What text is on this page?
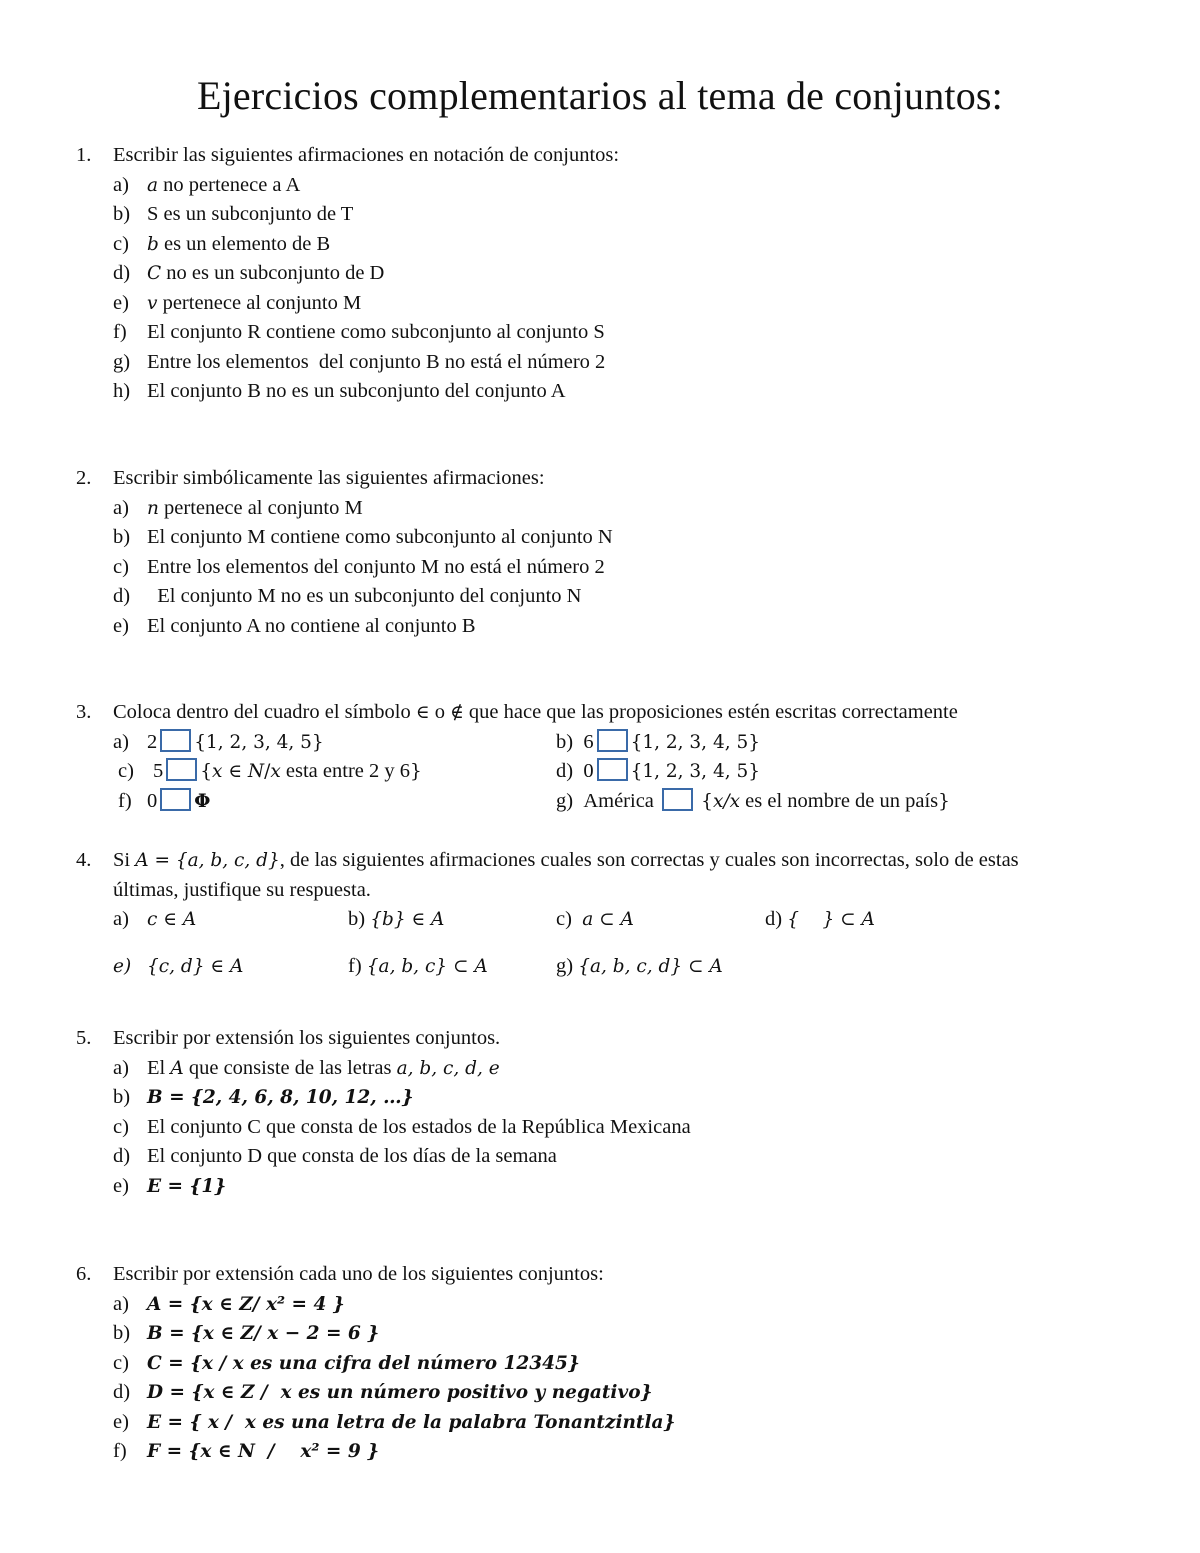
Ejercicios complementarios al tema de conjuntos:
1. Escribir las siguientes afirmaciones en notación de conjuntos:
a) a no pertenece a A
b) S es un subconjunto de T
c) b es un elemento de B
d) C no es un subconjunto de D
e) v pertenece al conjunto M
f) El conjunto R contiene como subconjunto al conjunto S
g) Entre los elementos  del conjunto B no está el número 2
h) El conjunto B no es un subconjunto del conjunto A
2. Escribir simbólicamente las siguientes afirmaciones:
a) n pertenece al conjunto M
b) El conjunto M contiene como subconjunto al conjunto N
c) Entre los elementos del conjunto M no está el número 2
d) El conjunto M no es un subconjunto del conjunto N
e) El conjunto A no contiene al conjunto B
3. Coloca dentro del cuadro el símbolo ∈ o ∉ que hace que las proposiciones estén escritas correctamente
a) 2 {1, 2, 3, 4, 5}	b) 6 {1, 2, 3, 4, 5}
c) 5 {x ∈ N/x esta entre 2 y 6}	d) 0 {1, 2, 3, 4, 5}
f) 0 Φ	g) América	{x/x es el nombre de un país}
4. Si A = {a, b, c, d}, de las siguientes afirmaciones cuales son correctas y cuales son incorrectas, solo de estas
últimas, justifique su respuesta.
a) c ∈ A	b) {b} ∈ A	c) a ⊂ A	d) {    } ⊂ A
e) {c, d} ∈ A	f) {a, b, c} ⊂ A	g) {a, b, c, d} ⊂ A
5. Escribir por extensión los siguientes conjuntos.
a) El A que consiste de las letras a, b, c, d, e
b) B = {2, 4, 6, 8, 10, 12, …}
c) El conjunto C que consta de los estados de la República Mexicana
d) El conjunto D que consta de los días de la semana
e) E = {1}
6. Escribir por extensión cada uno de los siguientes conjuntos:
a) A = {x ∈ Z/ x² = 4 }
b) B = {x ∈ Z/ x − 2 = 6 }
c) C = {x / x es una cifra del número 12345}
d) D = {x ∈ Z /  x es un número positivo y negativo}
e) E = { x /  x es una letra de la palabra Tonantzintla}
f) F = {x ∈ N  /    x² = 9 }
